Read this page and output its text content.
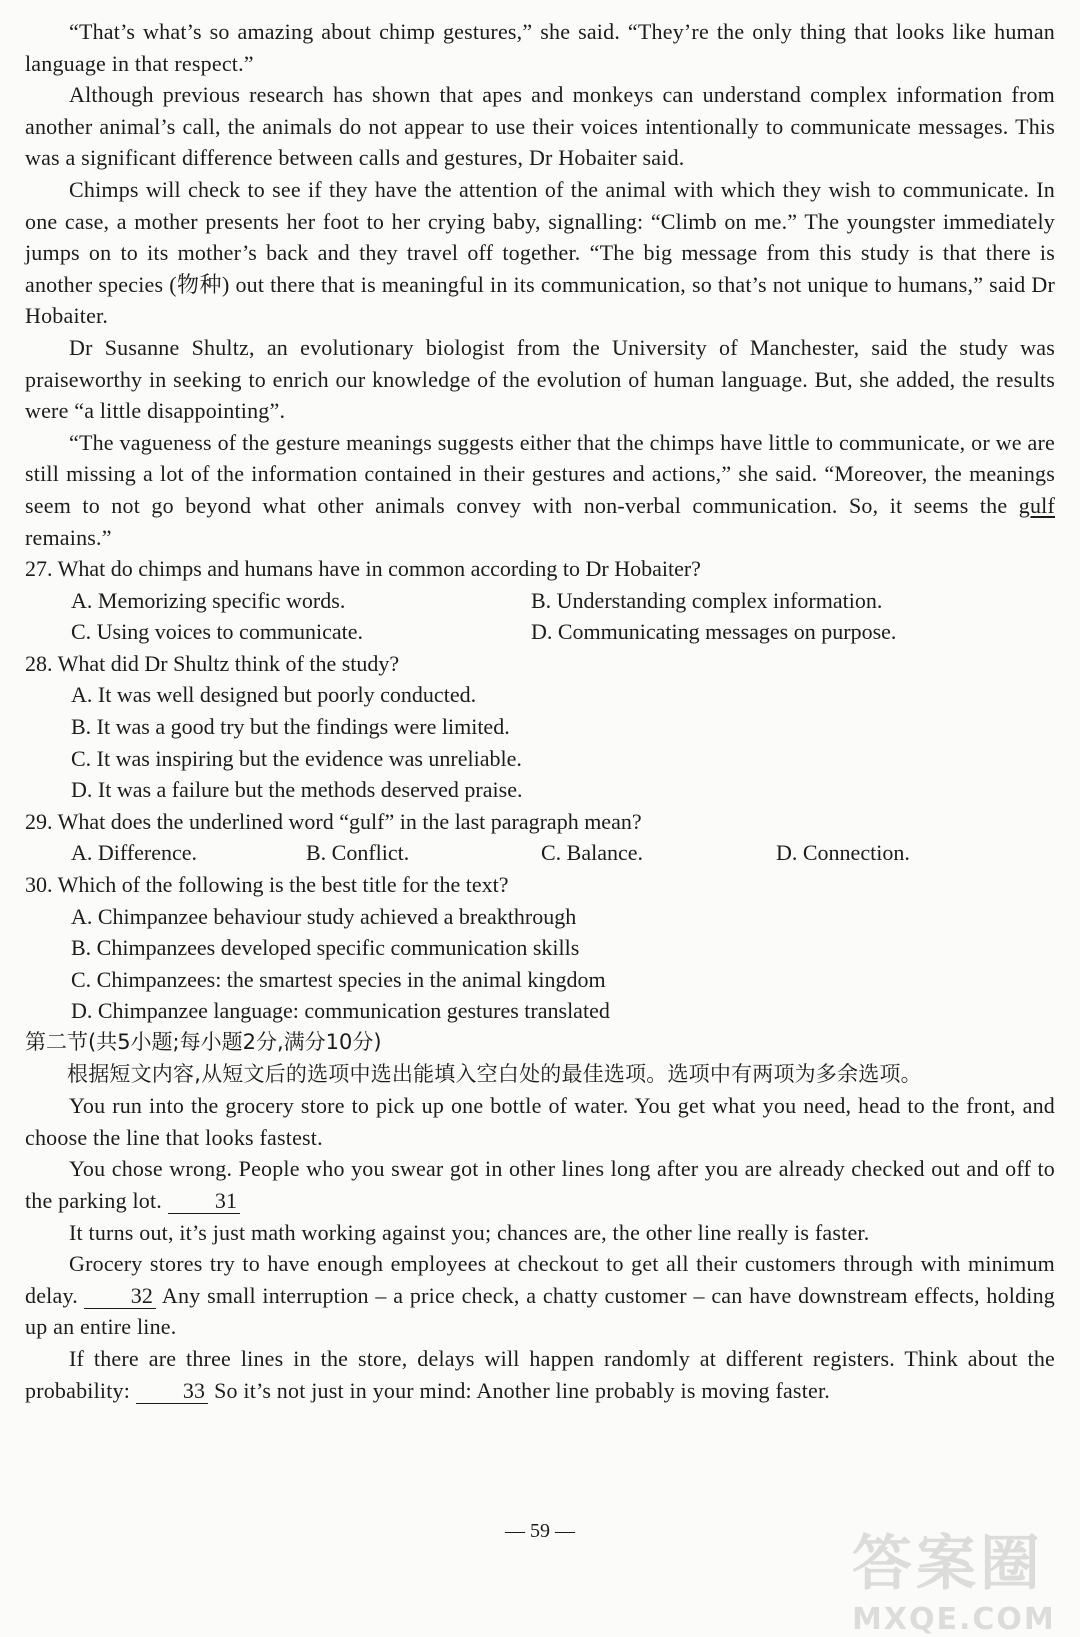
“That’s what’s so amazing about chimp gestures,” she said. “They’re the only thing that looks like human language in that respect.”

Although previous research has shown that apes and monkeys can understand complex information from another animal’s call, the animals do not appear to use their voices intentionally to communicate messages. This was a significant difference between calls and gestures, Dr Hobaiter said.

Chimps will check to see if they have the attention of the animal with which they wish to communicate. In one case, a mother presents her foot to her crying baby, signalling: “Climb on me.” The youngster immediately jumps on to its mother’s back and they travel off together. “The big message from this study is that there is another species (物种) out there that is meaningful in its communication, so that’s not unique to humans,” said Dr Hobaiter.

Dr Susanne Shultz, an evolutionary biologist from the University of Manchester, said the study was praiseworthy in seeking to enrich our knowledge of the evolution of human language. But, she added, the results were “a little disappointing”.

“The vagueness of the gesture meanings suggests either that the chimps have little to communicate, or we are still missing a lot of the information contained in their gestures and actions,” she said. “Moreover, the meanings seem to not go beyond what other animals convey with non-verbal communication. So, it seems the gulf remains.”

27. What do chimps and humans have in common according to Dr Hobaiter?

A. Memorizing specific words.	B. Understanding complex information.
C. Using voices to communicate.	D. Communicating messages on purpose.

28. What did Dr Shultz think of the study?

A. It was well designed but poorly conducted.

B. It was a good try but the findings were limited.

C. It was inspiring but the evidence was unreliable.

D. It was a failure but the methods deserved praise.

29. What does the underlined word “gulf” in the last paragraph mean?

A. Difference.	B. Conflict.	C. Balance.	D. Connection.

30. Which of the following is the best title for the text?

A. Chimpanzee behaviour study achieved a breakthrough

B. Chimpanzees developed specific communication skills

C. Chimpanzees: the smartest species in the animal kingdom

D. Chimpanzee language: communication gestures translated

第二节(共5小题;每小题2分,满分10分)

根据短文内容,从短文后的选项中选出能填入空白处的最佳选项。选项中有两项为多余选项。

You run into the grocery store to pick up one bottle of water. You get what you need, head to the front, and choose the line that looks fastest.

You chose wrong. People who you swear got in other lines long after you are already checked out and off to the parking lot. 31

It turns out, it’s just math working against you; chances are, the other line really is faster.

Grocery stores try to have enough employees at checkout to get all their customers through with minimum delay. 32 Any small interruption – a price check, a chatty customer – can have downstream effects, holding up an entire line.

If there are three lines in the store, delays will happen randomly at different registers. Think about the probability: 33 So it’s not just in your mind: Another line probably is moving faster.

— 59 —	答案圈
MXQE.COM
